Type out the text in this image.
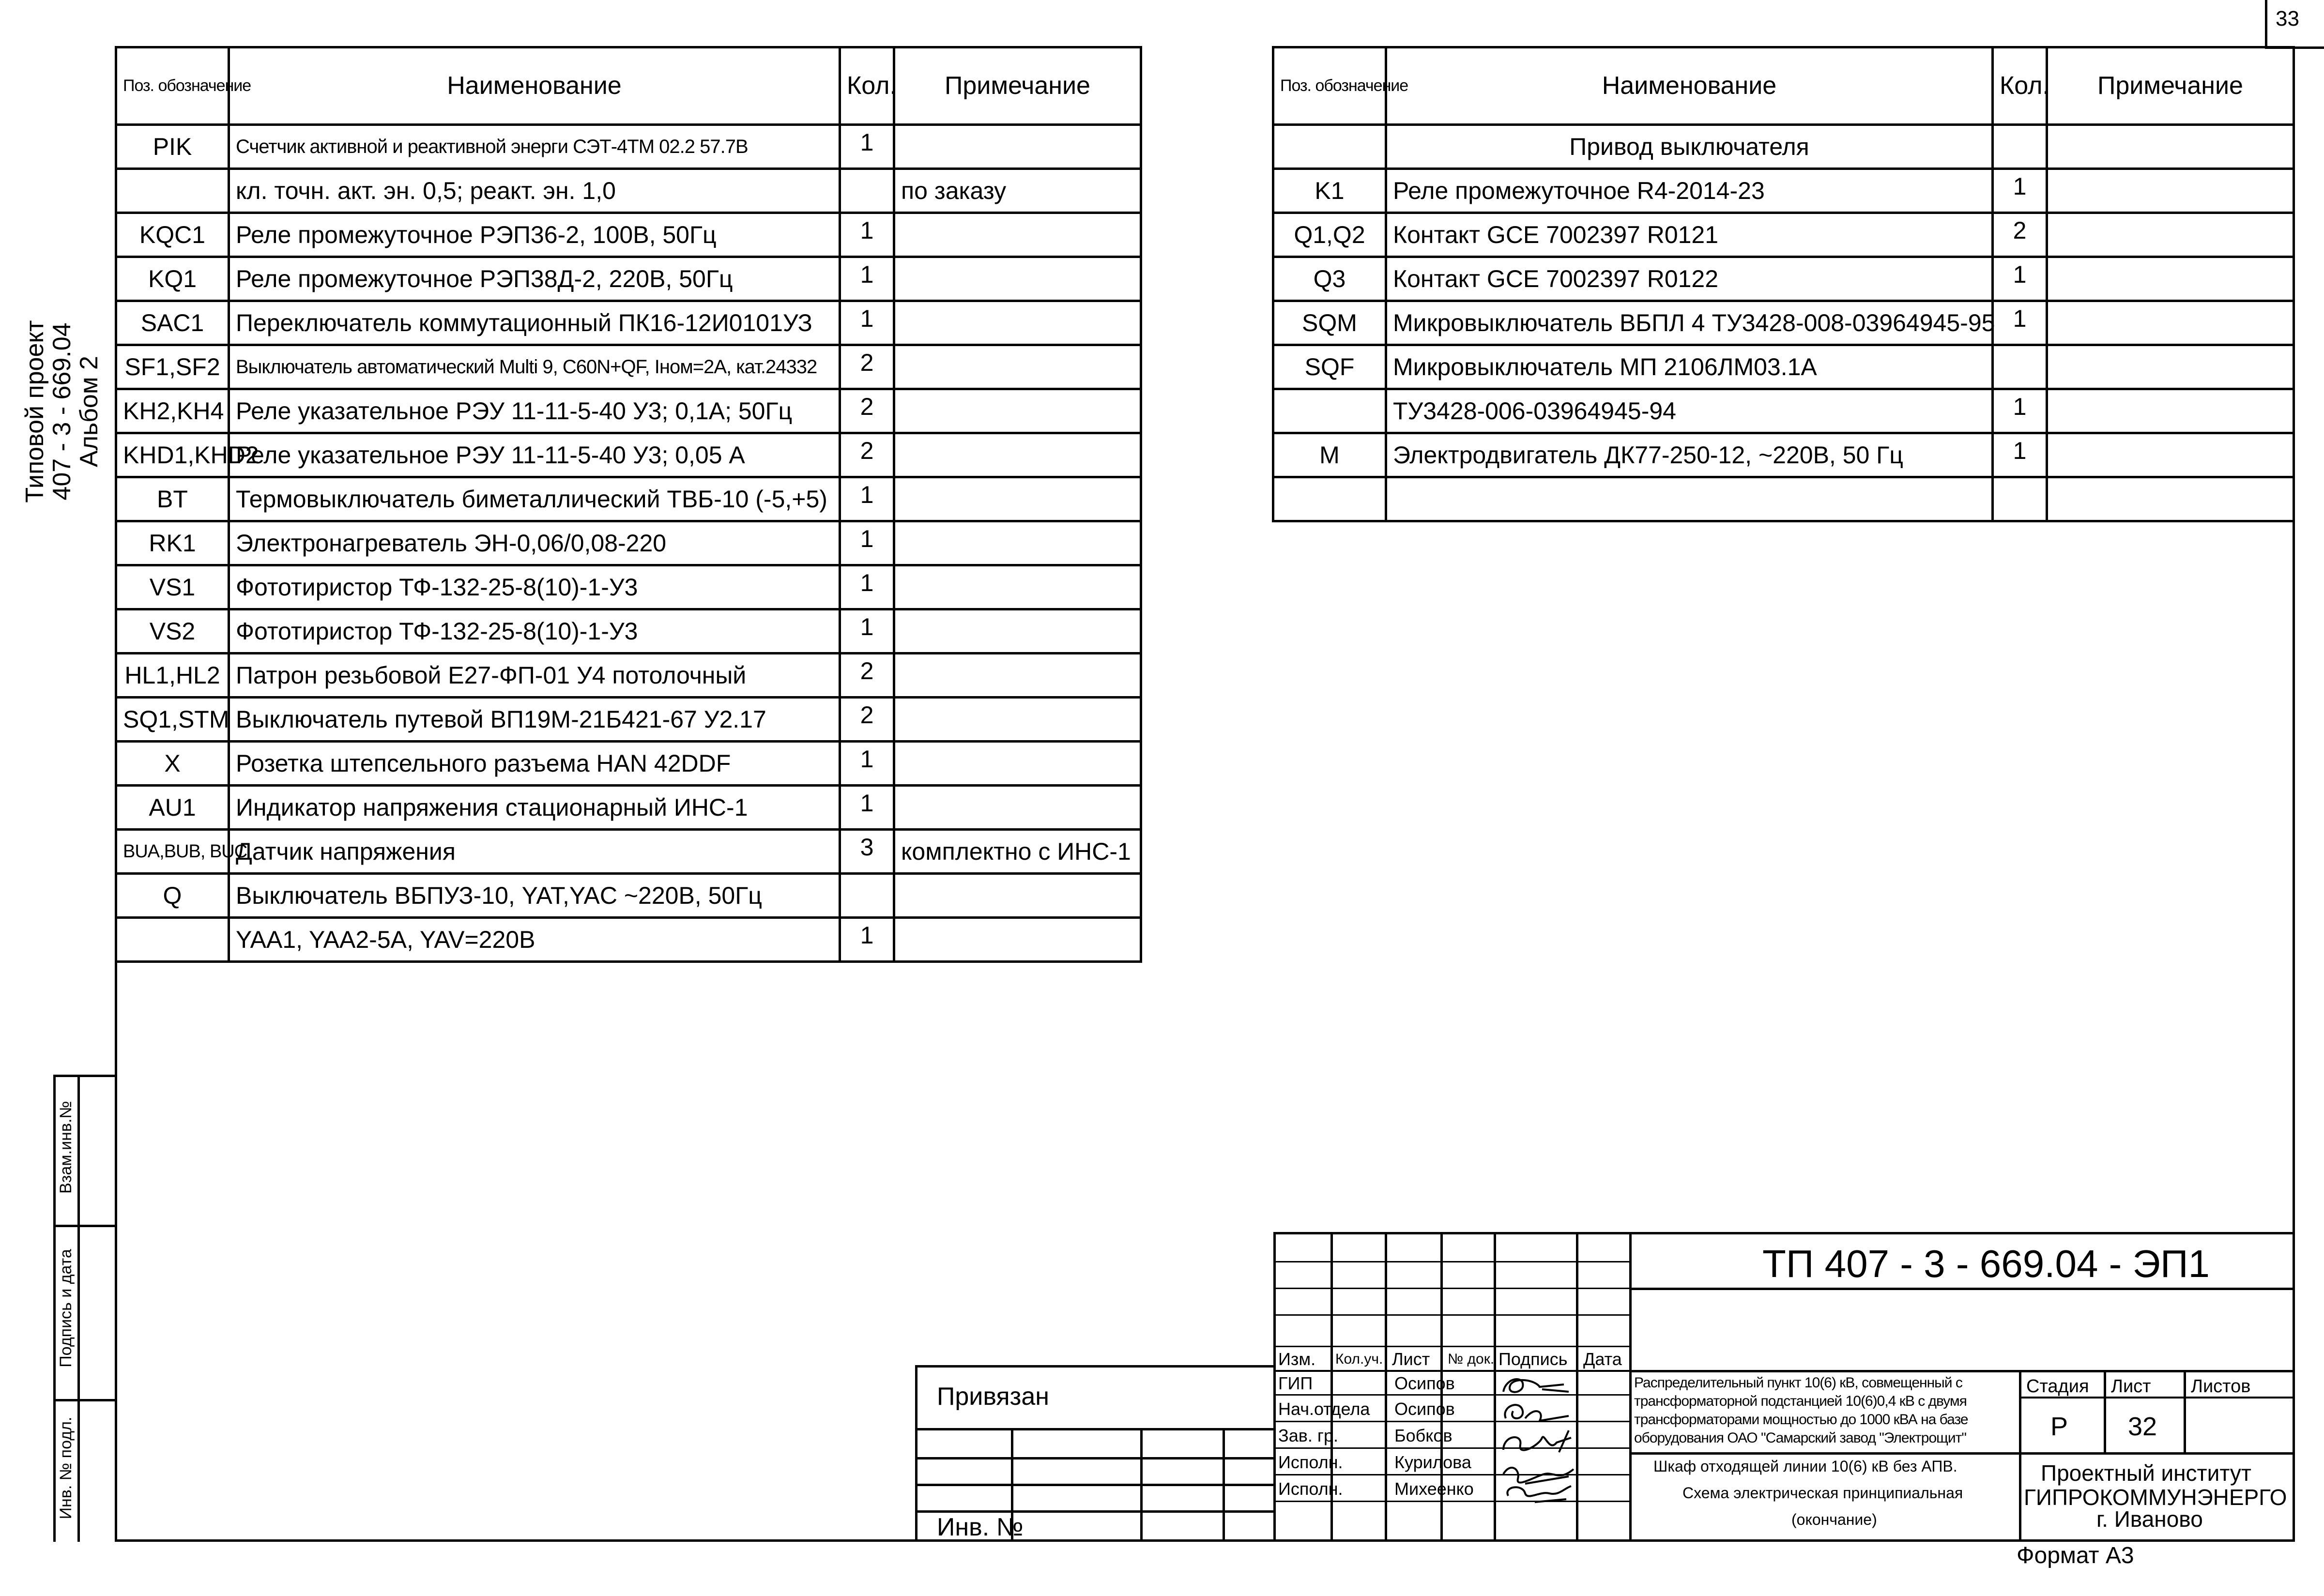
33
Типовой проект
407 - 3 - 669.04
Альбом 2
Взам.инв.№
Подпись и дата
Инв. № подл.
Поз. обозначение	Наименование	Кол.	Примечание
PIK	Счетчик активной и реактивной энерги СЭТ-4ТМ 02.2 57.7В	1	
	кл. точн. акт. эн. 0,5; реакт. эн. 1,0		по заказу
KQC1	Реле промежуточное РЭП36-2, 100В, 50Гц	1	
KQ1	Реле промежуточное РЭП38Д-2, 220В, 50Гц	1	
SAC1	Переключатель коммутационный ПК16-12И0101УЗ	1	
SF1,SF2	Выключатель автоматический Multi 9, C60N+QF, Iном=2А, кат.24332	2	
KH2,KH4	Реле указательное РЭУ 11-11-5-40 У3; 0,1А; 50Гц	2	
KHD1,KHD2	Реле указательное РЭУ 11-11-5-40 У3; 0,05 А	2	
BT	Термовыключатель биметаллический ТВБ-10 (-5,+5)	1	
RK1	Электронагреватель ЭН-0,06/0,08-220	1	
VS1	Фототиристор ТФ-132-25-8(10)-1-У3	1	
VS2	Фототиристор ТФ-132-25-8(10)-1-У3	1	
HL1,HL2	Патрон резьбовой Е27-ФП-01 У4 потолочный	2	
SQ1,STM	Выключатель путевой ВП19М-21Б421-67 У2.17	2	
X	Розетка штепсельного разъема HAN 42DDF	1	
AU1	Индикатор напряжения стационарный ИНС-1	1	

BUA,BUB, BUC	Датчик напряжения	3	комплектно с ИНС-1
Q	Выключатель ВБПУЗ-10, YAT,YAC ~220В, 50Гц		
	YAA1, YAA2-5A, YAV=220B	1	
Поз. обозначение	Наименование	Кол.	Примечание
	Привод выключателя		
K1	Реле промежуточное R4-2014-23	1	
Q1,Q2	Контакт GCE 7002397 R0121	2	
Q3	Контакт GCE 7002397 R0122	1	
SQM	Микровыключатель ВБПЛ 4 ТУ3428-008-03964945-95	1	
SQF	Микровыключатель МП 2106ЛМ03.1А		
	ТУ3428-006-03964945-94	1	
M	Электродвигатель ДК77-250-12, ~220В, 50 Гц	1	

Привязан
Инв. №
Изм. Кол.уч. Лист № док. Подпись Дата
ГИП	Осипов
Нач.отдела Осипов
Зав. гр.	Бобков
Исполн.	Курилова
Исполн.	Михеенко
ТП 407 - 3 - 669.04 - ЭП1
Распределительный пункт 10(6) кВ, совмещенный с
трансформаторной подстанцией 10(6)0,4 кВ с двумя
трансформаторами мощностью до 1000 кВА на базе
оборудования ОАО "Самарский завод "Электрощит"
Шкаф отходящей линии 10(6) кВ без АПВ.
Схема электрическая принципиальная
(окончание)
Стадия Лист Листов
Р 32
Проектный институт
ГИПРОКОММУНЭНЕРГО
г. Иваново
Формат А3
